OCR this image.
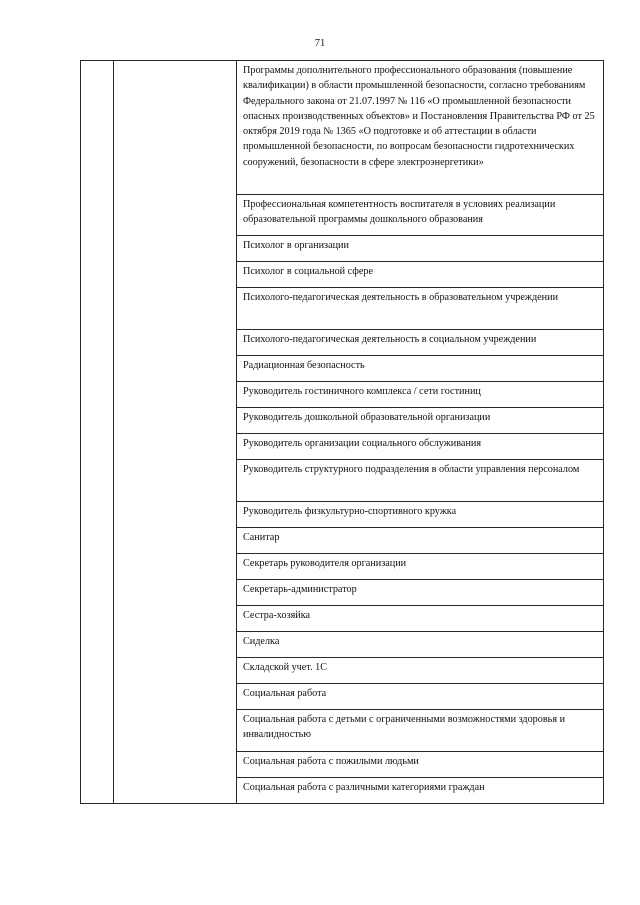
71
		Программы дополнительного профессионального образования (повышение квалификации) в области промышленной безопасности, согласно требованиям Федерального закона от 21.07.1997 № 116 «О промышленной безопасности опасных производственных объектов» и Постановления Правительства РФ от 25 октября 2019 года № 1365 «О подготовке и об аттестации в области промышленной безопасности, по вопросам безопасности гидротехнических сооружений, безопасности в сфере электроэнергетики»
Профессиональная компетентность воспитателя в условиях реализации образовательной программы дошкольного образования
Психолог в организации
Психолог в социальной сфере
Психолого-педагогическая деятельность в образовательном учреждении
Психолого-педагогическая деятельность в социальном учреждении
Радиационная безопасность
Руководитель гостиничного комплекса / сети гостиниц
Руководитель дошкольной образовательной организации
Руководитель организации социального обслуживания
Руководитель структурного подразделения в области управления персоналом
Руководитель физкультурно-спортивного кружка
Санитар
Секретарь руководителя организации
Секретарь-администратор
Сестра-хозяйка
Сиделка
Складской учет. 1С
Социальная работа
Социальная работа с детьми с ограниченными возможностями здоровья и инвалидностью
Социальная работа с пожилыми людьми
Социальная работа с различными категориями граждан
